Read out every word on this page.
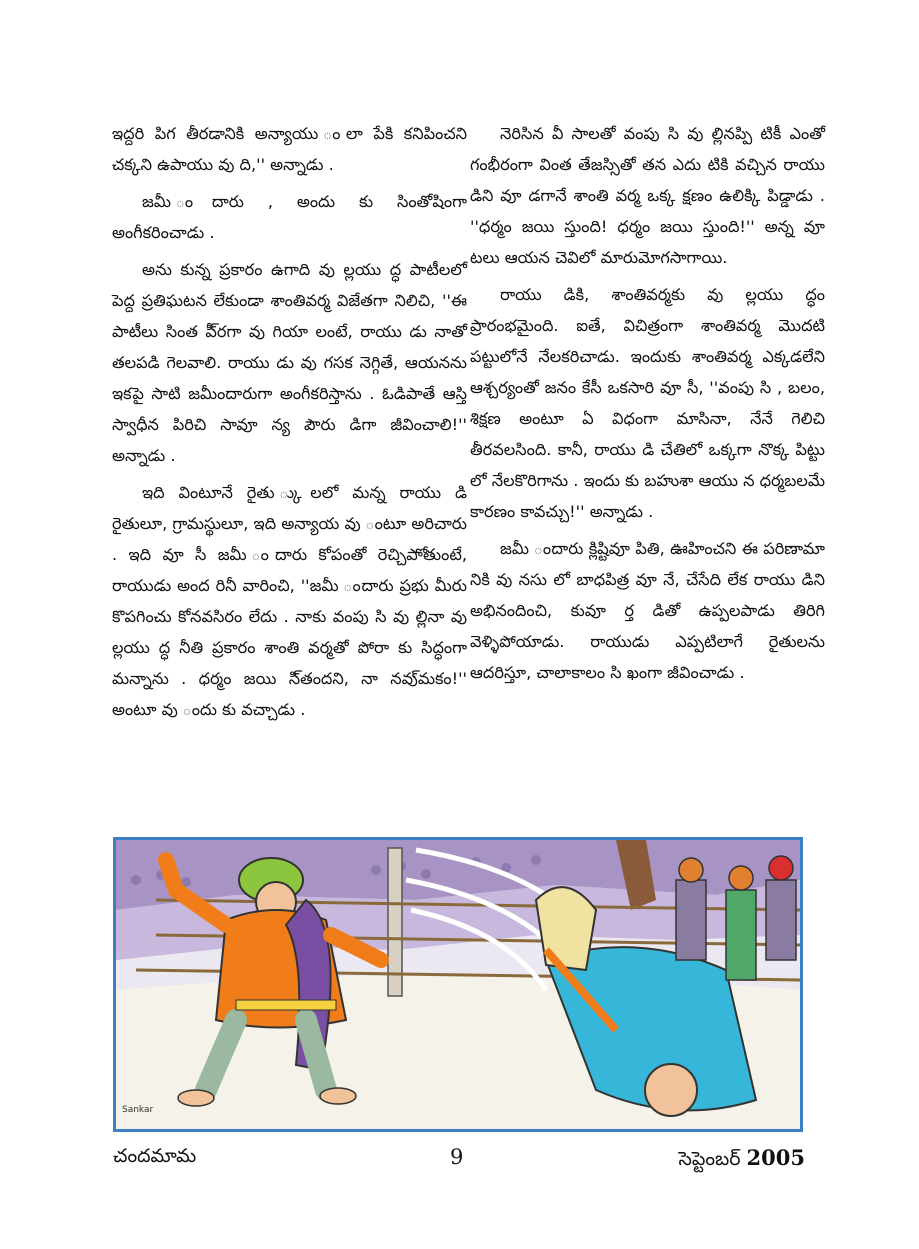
ఇద్దరి పిగ తీరడానికి అన్యాయు ంలా పేకి కనిపించని చక్కని ఉపాయు వు ది,'' అన్నాడు .

జమీ ందారు , అందు కు సింతోషింగా అంగీకరించాడు .

అను కున్న ప్రకారం ఉగాది వు ల్లయు ద్ధ పాటీలలో పెద్ద ప్రతిఘటన లేకుండా శాంతివర్మ విజేతగా నిలిచి, ''ఈ పాటీలు సింత పీ్రగా వు గియా లంటే, రాయు డు నాతో తలపడి గెలవాలి. రాయు డు వు గసక నెగ్గితే, ఆయనను ఇకపై సాటి జమీందారుగా అంగీకరిస్తాను . ఓడిపాతే ఆస్తి స్వాధీన పిరిచి సావూ న్య పౌరు డిగా జీవించాలి!'' అన్నాడు .

ఇది వింటూనే రైతు ్కులలో మన్న రాయు డి రైతులూ, గ్రామస్థులూ, ఇది అన్యాయ వు ంటూ అరిచారు . ఇది వూ సీ జమీ ందారు కోపంతో రెచ్చిపాోతుంటే, రాయుడు అంద రినీ వారించి, ''జమీ ందారు ప్రభు మీరు కొపగించు కోనవసిరం లేదు . నాకు వంపు సి వు ల్లినా వు ల్లయు ద్ధ నీతి ప్రకారం శాంతి వర్మతో పోరా కు సిద్ధంగా మన్నాను . ధర్మం జయి సి్తందని, నా నవు్మకం!'' అంటూ వు ందు కు వచ్చాడు .

నెరిసిన వీ సాలతో వంపు సి వు ల్లినప్పి టికీ ఎంతో గంభీరంగా వింత తేజస్సితో తన ఎదు టికి వచ్చిన రాయు డిని వూ డగానే శాంతి వర్మ ఒక్క క్షణం ఉలిక్కి పిడ్డాడు . ''ధర్మం జయి స్తుంది! ధర్మం జయి స్తుంది!'' అన్న వూ టలు ఆయన చెవిలో మారుమోగసాగాయి.

రాయు డికి, శాంతివర్మకు వు ల్లయు ద్ధం ప్రారంభమైంది. ఐతే, విచిత్రంగా శాంతివర్మ మొదటి పట్టులోనే నేలకరిచాడు. ఇందుకు శాంతివర్మ ఎక్కడలేని ఆశ్చర్యంతో జనం కేసీ ఒకసారి వూ సీ, ''వంపు సి , బలం, శిక్షణ అంటూ ఏ విధంగా మాసినా, నేనే గెలిచి తీరవలసింది. కానీ, రాయు డి చేతిలో ఒక్కగా నొక్క పిట్టు లో నేలకొరిగాను . ఇందు కు బహుశా ఆయు న ధర్మబలమే కారణం కావచ్చు!'' అన్నాడు .

జమీ ందారు క్లిష్టివూ పితి, ఊహించని ఈ పరిణామా నికి వు నసు లో బాధపిత్ర వూ నే, చేసేది లేక రాయు డిని అభినందించి, కువూ ర్త డితో ఉప్పలపాడు తిరిగి వెళ్ళిపోయాడు. రాయుడు ఎప్పటిలాగే రైతులను ఆదరిస్తూ, చాలాకాలం సి ఖంగా జీవించాడు .

Sankar
చందమామ	9	సెప్టెంబర్ 2005
